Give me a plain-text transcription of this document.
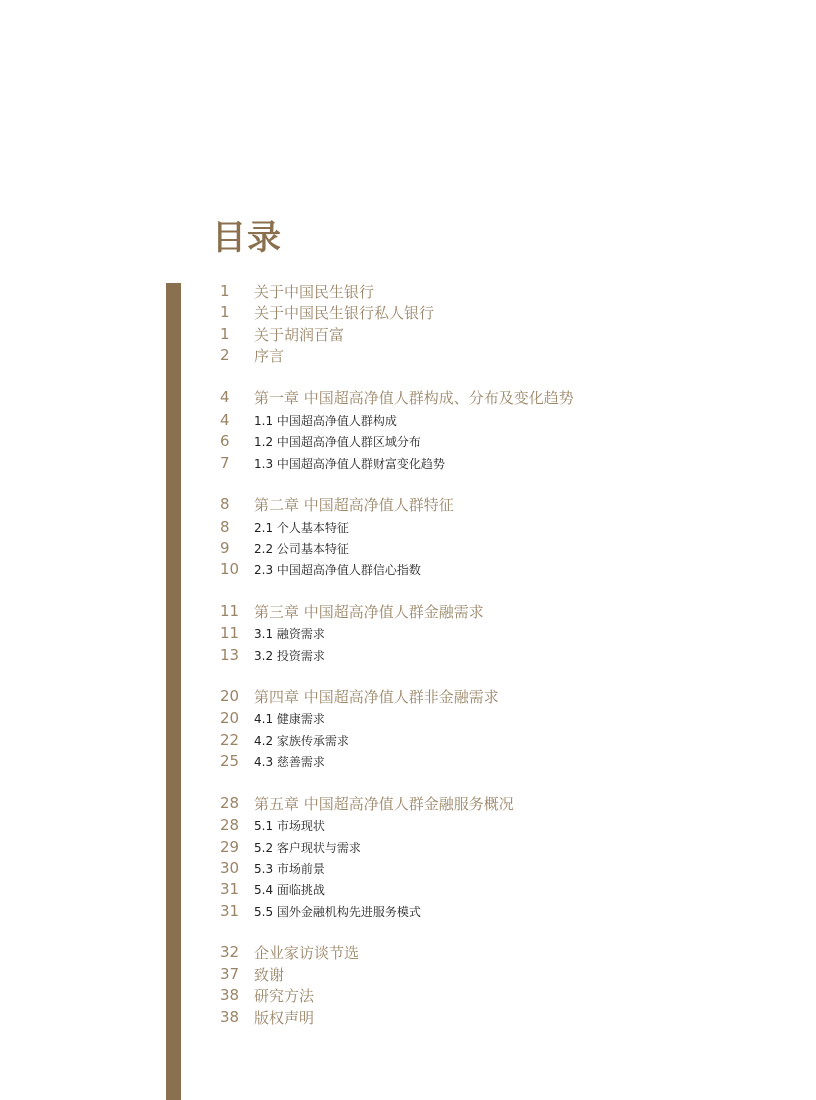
目录
1	关于中国民生银行
1	关于中国民生银行私人银行
1	关于胡润百富
2	序言
4	第一章 中国超高净值人群构成、分布及变化趋势
4	1.1 中国超高净值人群构成
6	1.2 中国超高净值人群区域分布
7	1.3 中国超高净值人群财富变化趋势
8	第二章 中国超高净值人群特征
8	2.1 个人基本特征
9	2.2 公司基本特征
10	2.3 中国超高净值人群信心指数
11 第三章 中国超高净值人群金融需求
11	3.1 融资需求
13	3.2 投资需求
20 第四章 中国超高净值人群非金融需求
20	4.1 健康需求
22	4.2 家族传承需求
25	4.3 慈善需求
28 第五章 中国超高净值人群金融服务概况
28	5.1 市场现状
29	5.2 客户现状与需求
30	5.3 市场前景
31	5.4 面临挑战
31	5.5 国外金融机构先进服务模式
32 企业家访谈节选
37 致谢
38 研究方法
38 版权声明
